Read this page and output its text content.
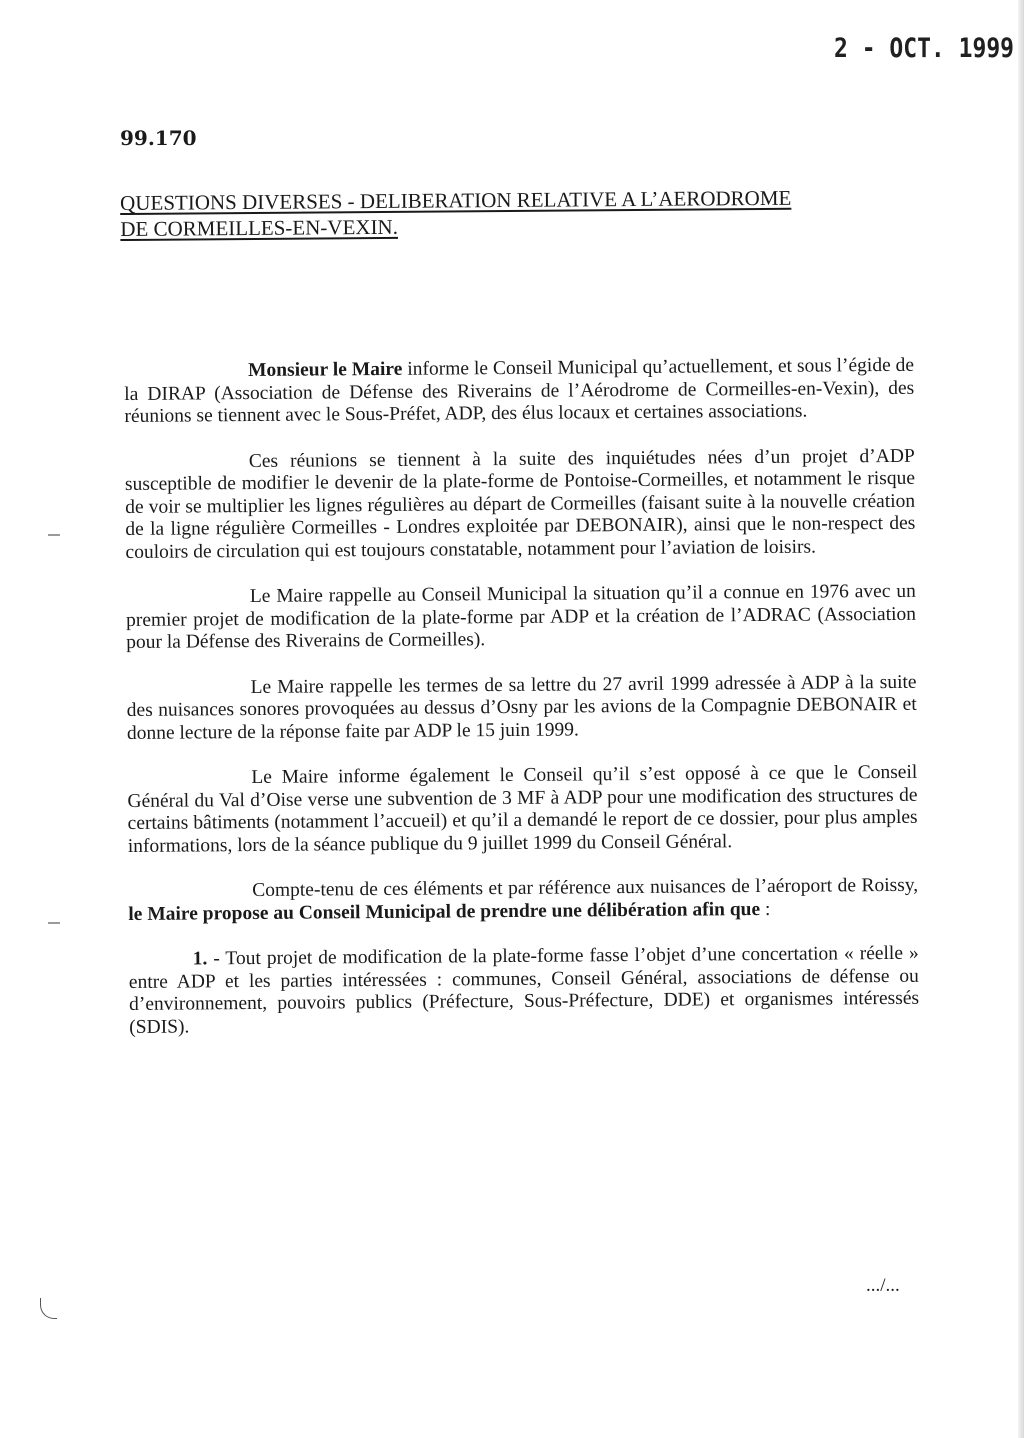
2 - OCT. 1999
99.170
QUESTIONS DIVERSES - DELIBERATION RELATIVE A L’AERODROME
DE CORMEILLES-EN-VEXIN.

Monsieur le Maire informe le Conseil Municipal qu’actuellement, et sous l’égide de la DIRAP (Association de Défense des Riverains de l’Aérodrome de Cormeilles-en-Vexin), des réunions se tiennent avec le Sous-Préfet, ADP, des élus locaux et certaines associations.

Ces réunions se tiennent à la suite des inquiétudes nées d’un projet d’ADP susceptible de modifier le devenir de la plate-forme de Pontoise-Cormeilles, et notamment le risque de voir se multiplier les lignes régulières au départ de Cormeilles (faisant suite à la nouvelle création de la ligne régulière Cormeilles - Londres exploitée par DEBONAIR), ainsi que le non-respect des couloirs de circulation qui est toujours constatable, notamment pour l’aviation de loisirs.

Le Maire rappelle au Conseil Municipal la situation qu’il a connue en 1976 avec un premier projet de modification de la plate-forme par ADP et la création de l’ADRAC (Association pour la Défense des Riverains de Cormeilles).

Le Maire rappelle les termes de sa lettre du 27 avril 1999 adressée à ADP à la suite des nuisances sonores provoquées au dessus d’Osny par les avions de la Compagnie DEBONAIR et donne lecture de la réponse faite par ADP le 15 juin 1999.

Le Maire informe également le Conseil qu’il s’est opposé à ce que le Conseil Général du Val d’Oise verse une subvention de 3 MF à ADP pour une modification des structures de certains bâtiments (notamment l’accueil) et qu’il a demandé le report de ce dossier, pour plus amples informations, lors de la séance publique du 9 juillet 1999 du Conseil Général.

Compte-tenu de ces éléments et par référence aux nuisances de l’aéroport de Roissy, le Maire propose au Conseil Municipal de prendre une délibération afin que :

1. - Tout projet de modification de la plate-forme fasse l’objet d’une concertation « réelle » entre ADP et les parties intéressées : communes, Conseil Général, associations de défense ou d’environnement, pouvoirs publics (Préfecture, Sous-Préfecture, DDE) et organismes intéressés (SDIS).

.../...
